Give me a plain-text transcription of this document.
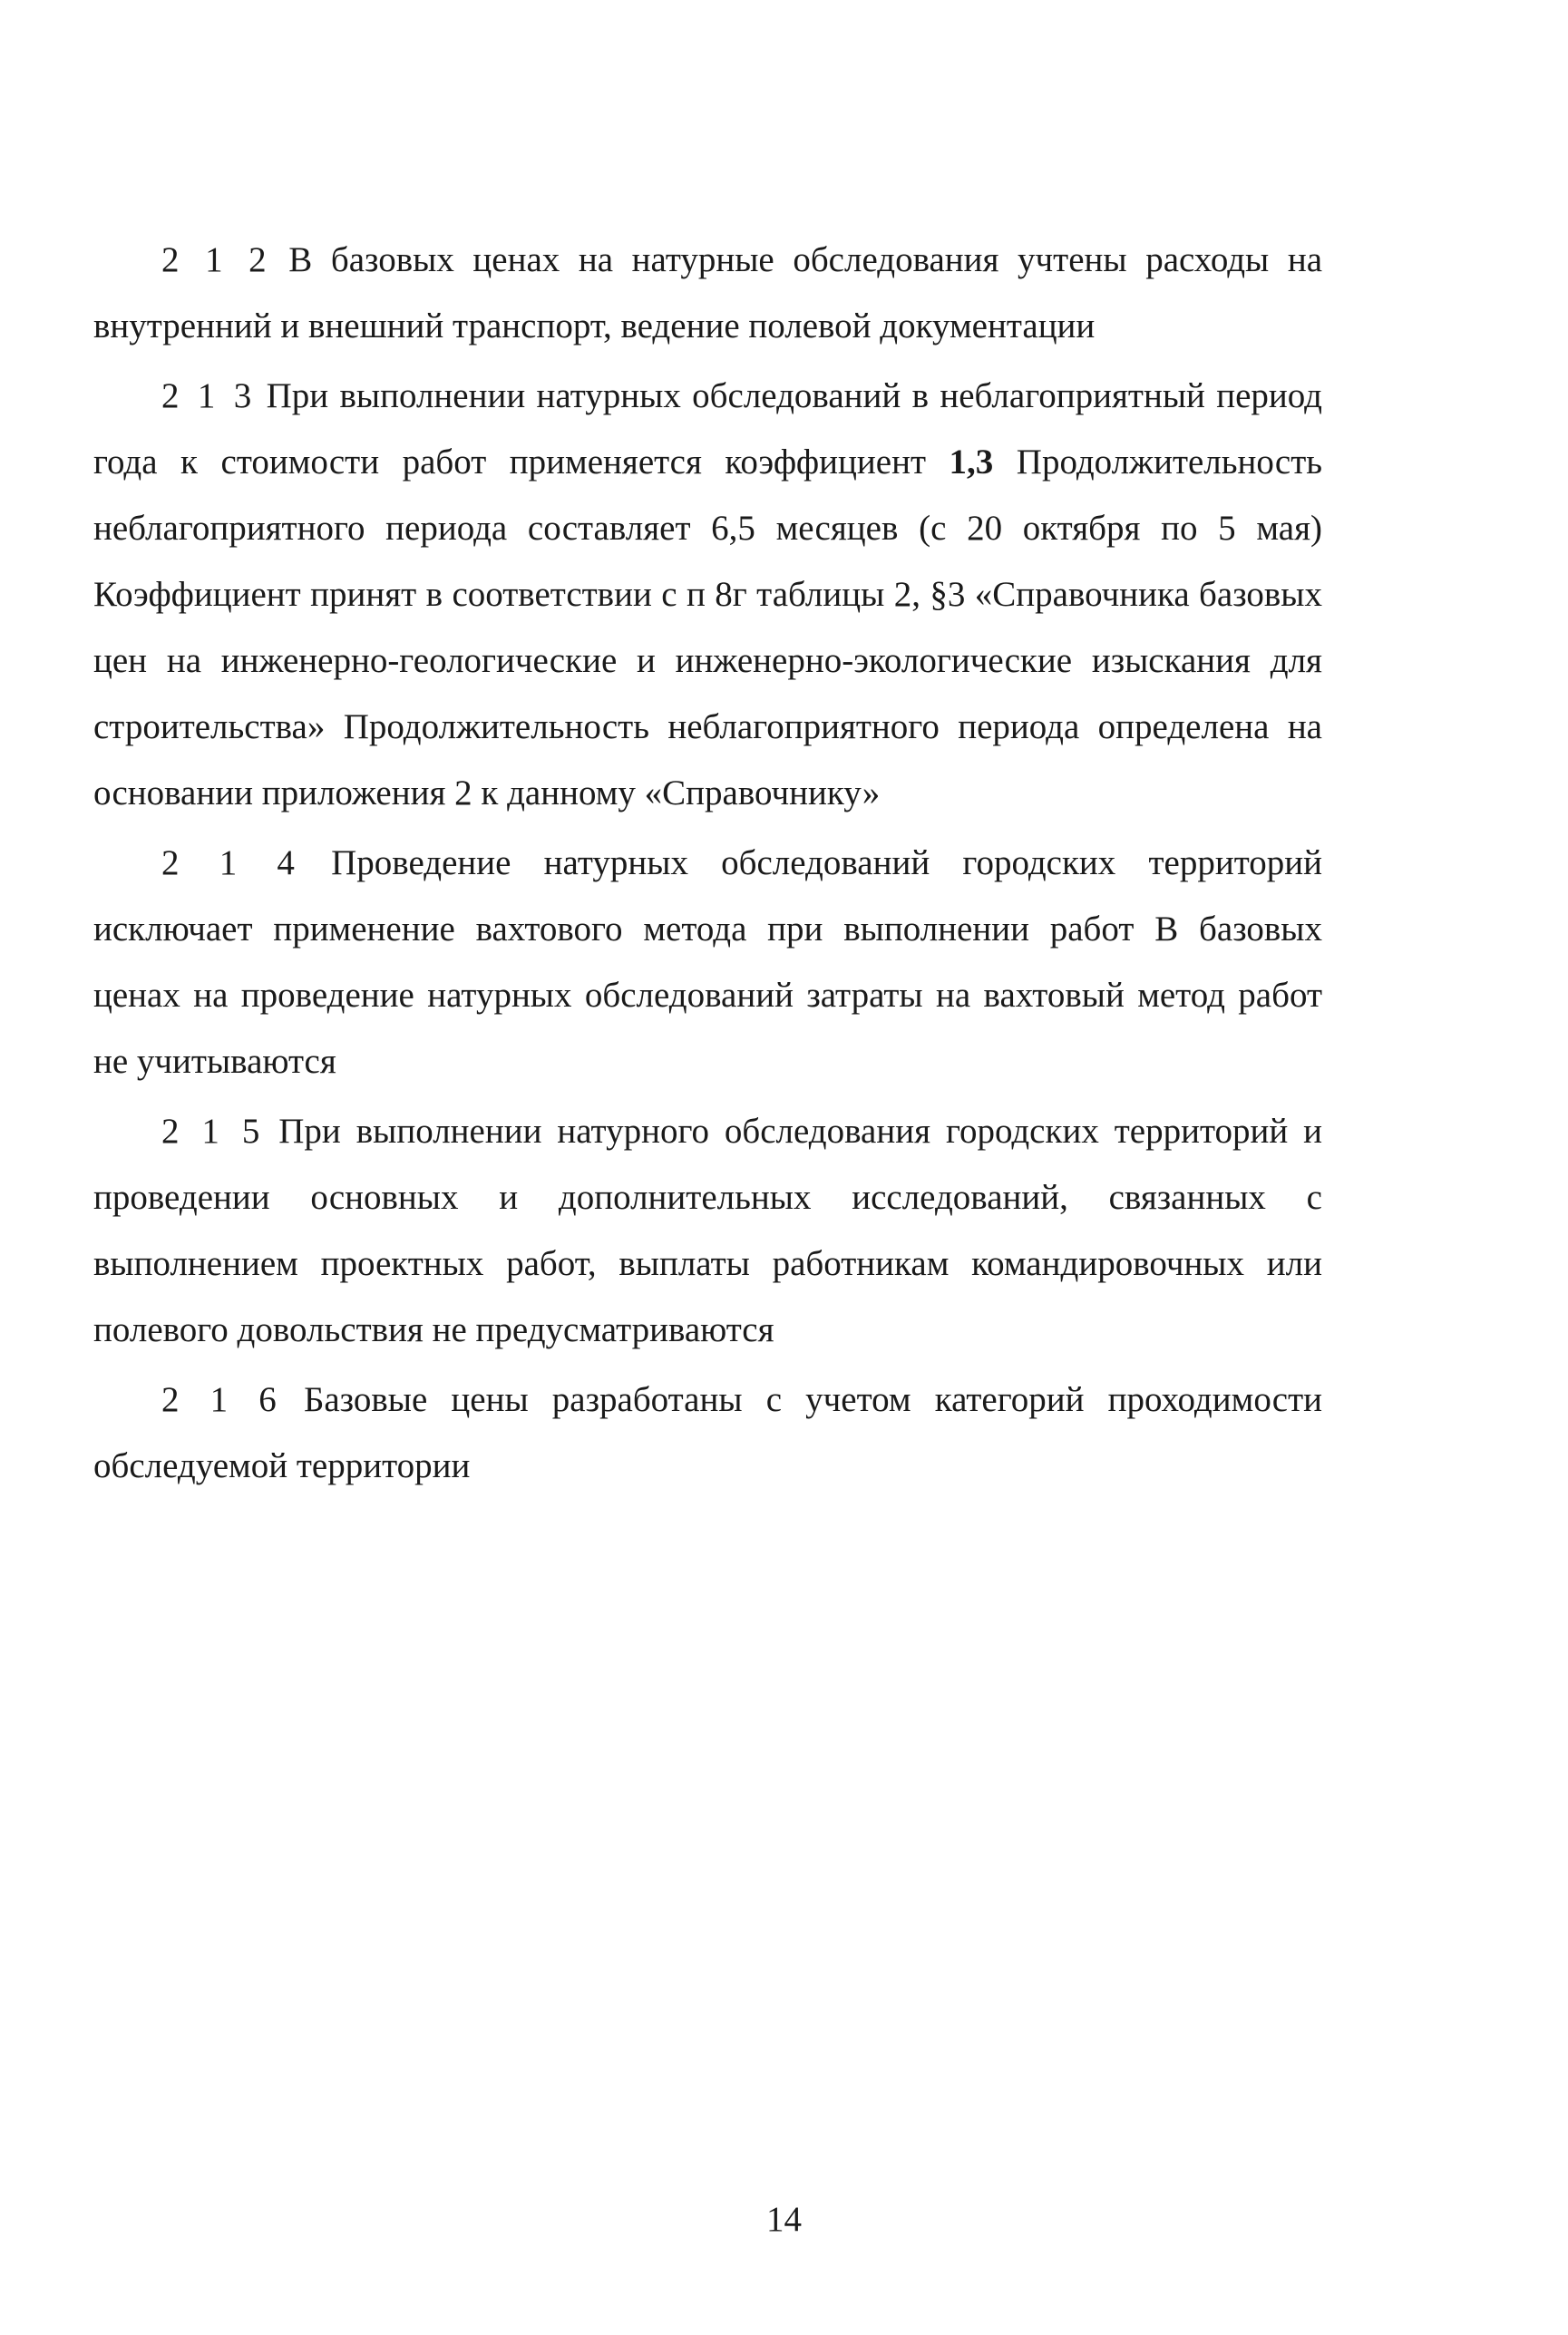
2 1 2 В базовых ценах на натурные обследования учтены расходы на внутренний и внешний транспорт, ведение полевой документации

2 1 3 При выполнении натурных обследований в неблагоприятный период года к стоимости работ применяется коэффициент 1,3 Продолжительность неблагоприятного периода составляет 6,5 месяцев (с 20 октября по 5 мая) Коэффициент принят в соответствии с п 8г таблицы 2, §3 «Справочника базовых цен на инженерно-геологические и инженерно-экологические изыскания для строительства» Продолжительность неблагоприятного периода определена на основании приложения 2 к данному «Справочнику»

2 1 4 Проведение натурных обследований городских территорий исключает применение вахтового метода при выполнении работ В базовых ценах на проведение натурных обследований затраты на вахтовый метод работ не учитываются

2 1 5 При выполнении натурного обследования городских территорий и проведении основных и дополнительных исследований, связанных с выполнением проектных работ, выплаты работникам командировочных или полевого довольствия не предусматриваются

2 1 6 Базовые цены разработаны с учетом категорий проходимости обследуемой территории

14
